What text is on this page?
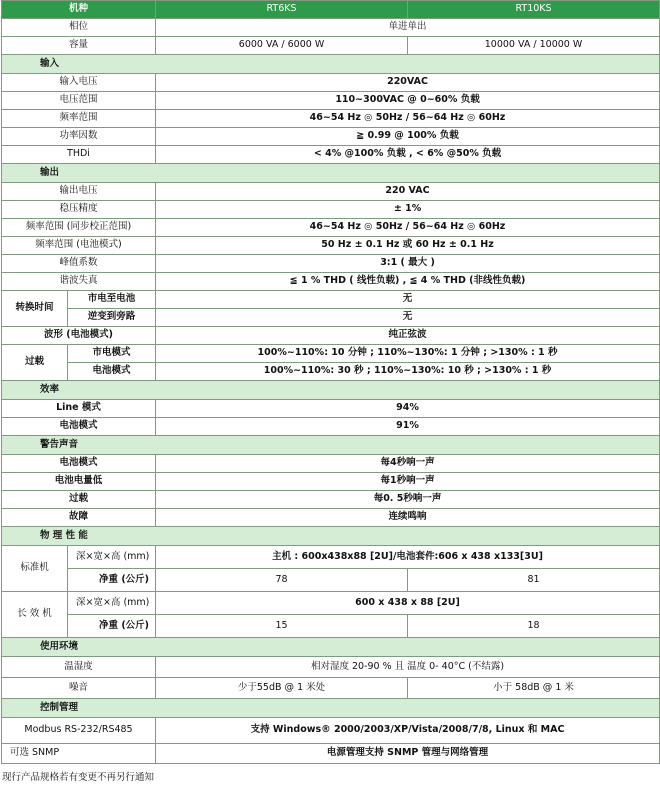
机种		RT6KS	RT10KS
相位		单进单出	
容量		6000 VA / 6000 W	10000 VA / 10000 W
输入			
输入电压		220VAC	
电压范围		110~300VAC @ 0~60% 负载	
频率范围		46~54 Hz ◎ 50Hz / 56~64 Hz ◎ 60Hz	
功率因数		≧ 0.99 @ 100% 负载	
THDi		< 4% @100% 负载 , < 6% @50% 负载	
输出			
输出电压		220 VAC	
稳压精度		± 1%	
频率范围 (同步校正范围)		46~54 Hz ◎ 50Hz / 56~64 Hz ◎ 60Hz	
频率范围 (电池模式)		50 Hz ± 0.1 Hz 或 60 Hz ± 0.1 Hz	
峰值系数		3:1 ( 最大 )	
谐波失真		≦ 1 % THD ( 线性负载) , ≦ 4 % THD (非线性负载)	
转换时间	市电至电池	无	
	逆变到旁路	无	
波形 (电池模式)		纯正弦波	
过载	市电模式	100%~110%: 10 分钟 ; 110%~130%: 1 分钟 ; >130% : 1 秒	
	电池模式	100%~110%: 30 秒 ; 110%~130%: 10 秒 ; >130% : 1 秒	
效率			
Line 模式		94%	
电池模式		91%	
警告声音			
电池模式		每4秒响一声	
电池电量低		每1秒响一声	
过载		每0. 5秒响一声	
故障		连续鸣响	
物 理 性 能			
标准机	深×宽×高 (mm)	主机 : 600x438x88 [2U]/电池套件:606 x 438 x133[3U]	
	净重 (公斤)	78	81
长 效 机	深×宽×高 (mm)	600 x 438 x 88 [2U]	
	净重 (公斤)	15	18
使用环境			
温湿度		相对湿度 20-90 % 且 温度 0- 40°C (不结露)	
噪音		少于55dB @ 1 米处	小于 58dB @ 1 米
控制管理			
Modbus RS-232/RS485		支持 Windows® 2000/2003/XP/Vista/2008/7/8, Linux 和 MAC	
可选 SNMP		电源管理支持 SNMP 管理与网络管理	
现行产品规格若有变更不再另行通知
